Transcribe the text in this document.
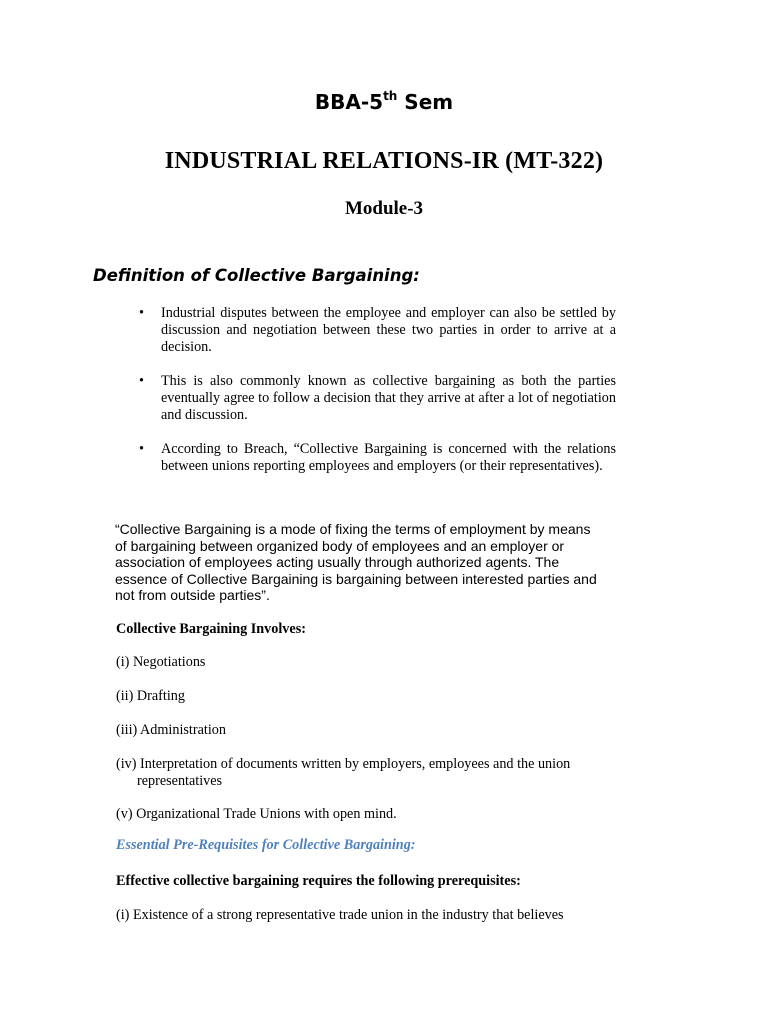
BBA-5th Sem
INDUSTRIAL RELATIONS-IR (MT-322)
Module-3
Definition of Collective Bargaining:
• Industrial disputes between the employee and employer can also be settled by discussion and negotiation between these two parties in order to arrive at a decision.
• This is also commonly known as collective bargaining as both the parties eventually agree to follow a decision that they arrive at after a lot of negotiation and discussion.
• According to Breach, “Collective Bargaining is concerned with the relations between unions reporting employees and employers (or their representatives).
“Collective Bargaining is a mode of fixing the terms of employment by means of bargaining between organized body of employees and an employer or association of employees acting usually through authorized agents. The essence of Collective Bargaining is bargaining between interested parties and not from outside parties”.
Collective Bargaining Involves:
(i) Negotiations
(ii) Drafting
(iii) Administration
(iv) Interpretation of documents written by employers, employees and the union
representatives
(v) Organizational Trade Unions with open mind.
Essential Pre-Requisites for Collective Bargaining:
Effective collective bargaining requires the following prerequisites:
(i) Existence of a strong representative trade union in the industry that believes
